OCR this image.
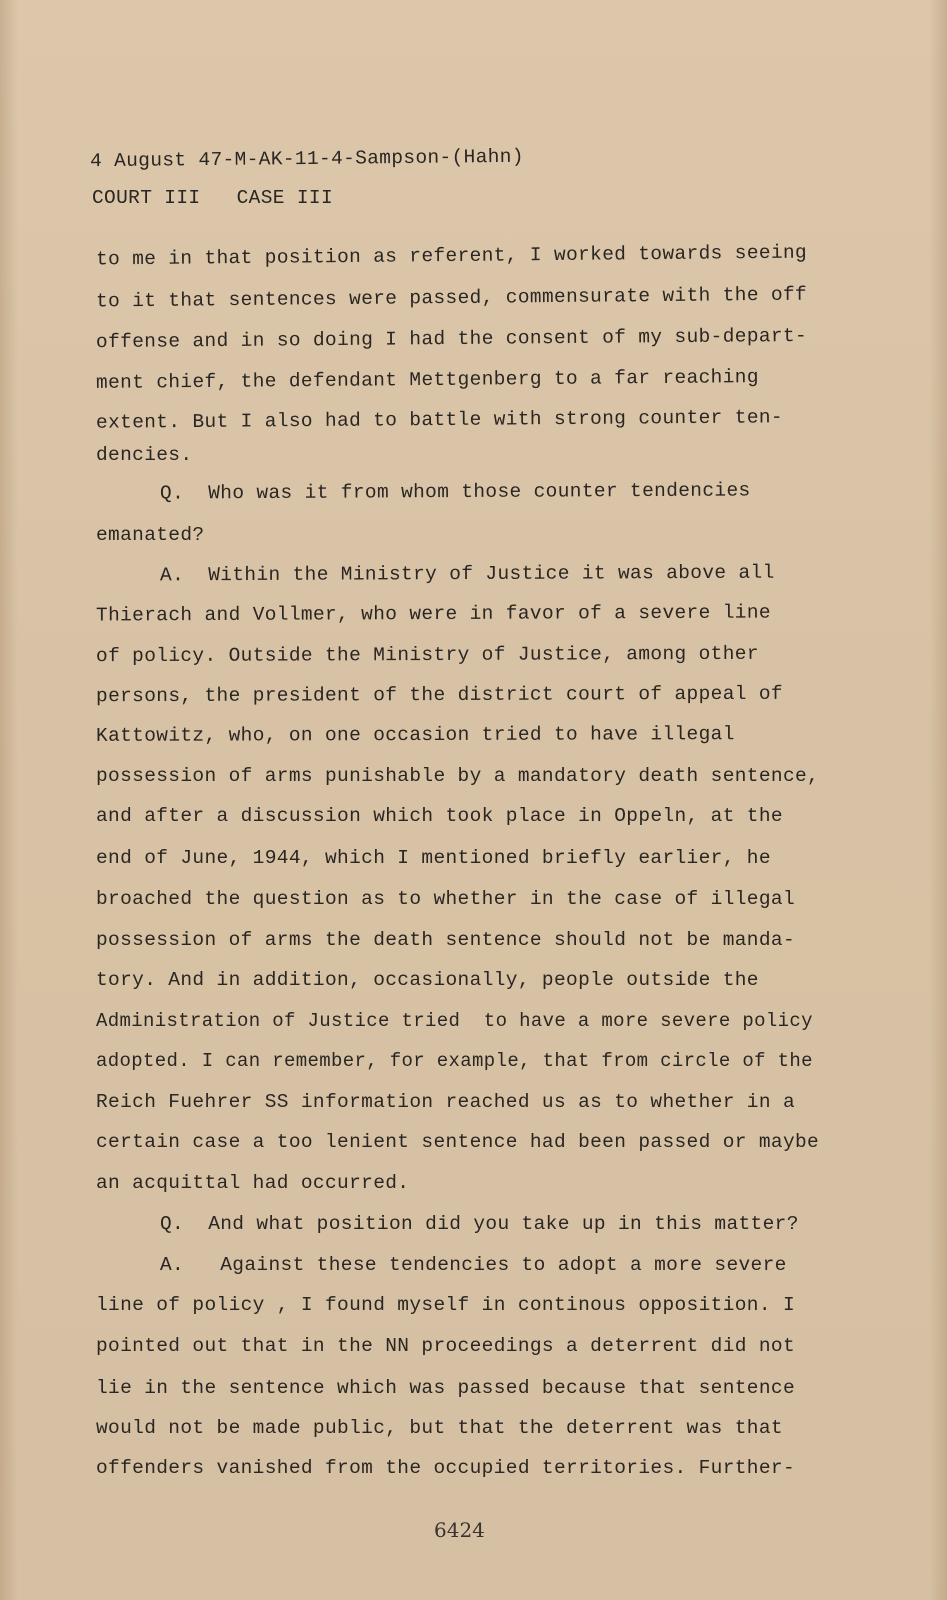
4 August 47-M-AK-11-4-Sampson-(Hahn)
COURT III   CASE III
to me in that position as referent, I worked towards seeing
to it that sentences were passed, commensurate with the off
offense and in so doing I had the consent of my sub-depart-
ment chief, the defendant Mettgenberg to a far reaching
extent. But I also had to battle with strong counter ten-
dencies.
Q.  Who was it from whom those counter tendencies
emanated?
A.  Within the Ministry of Justice it was above all
Thierach and Vollmer, who were in favor of a severe line
of policy. Outside the Ministry of Justice, among other
persons, the president of the district court of appeal of
Kattowitz, who, on one occasion tried to have illegal
possession of arms punishable by a mandatory death sentence,
and after a discussion which took place in Oppeln, at the
end of June, 1944, which I mentioned briefly earlier, he
broached the question as to whether in the case of illegal
possession of arms the death sentence should not be manda-
tory. And in addition, occasionally, people outside the
Administration of Justice tried  to have a more severe policy
adopted. I can remember, for example, that from circle of the
Reich Fuehrer SS information reached us as to whether in a
certain case a too lenient sentence had been passed or maybe
an acquittal had occurred.
Q.  And what position did you take up in this matter?
A.   Against these tendencies to adopt a more severe
line of policy , I found myself in continous opposition. I
pointed out that in the NN proceedings a deterrent did not
lie in the sentence which was passed because that sentence
would not be made public, but that the deterrent was that
offenders vanished from the occupied territories. Further-
6424
